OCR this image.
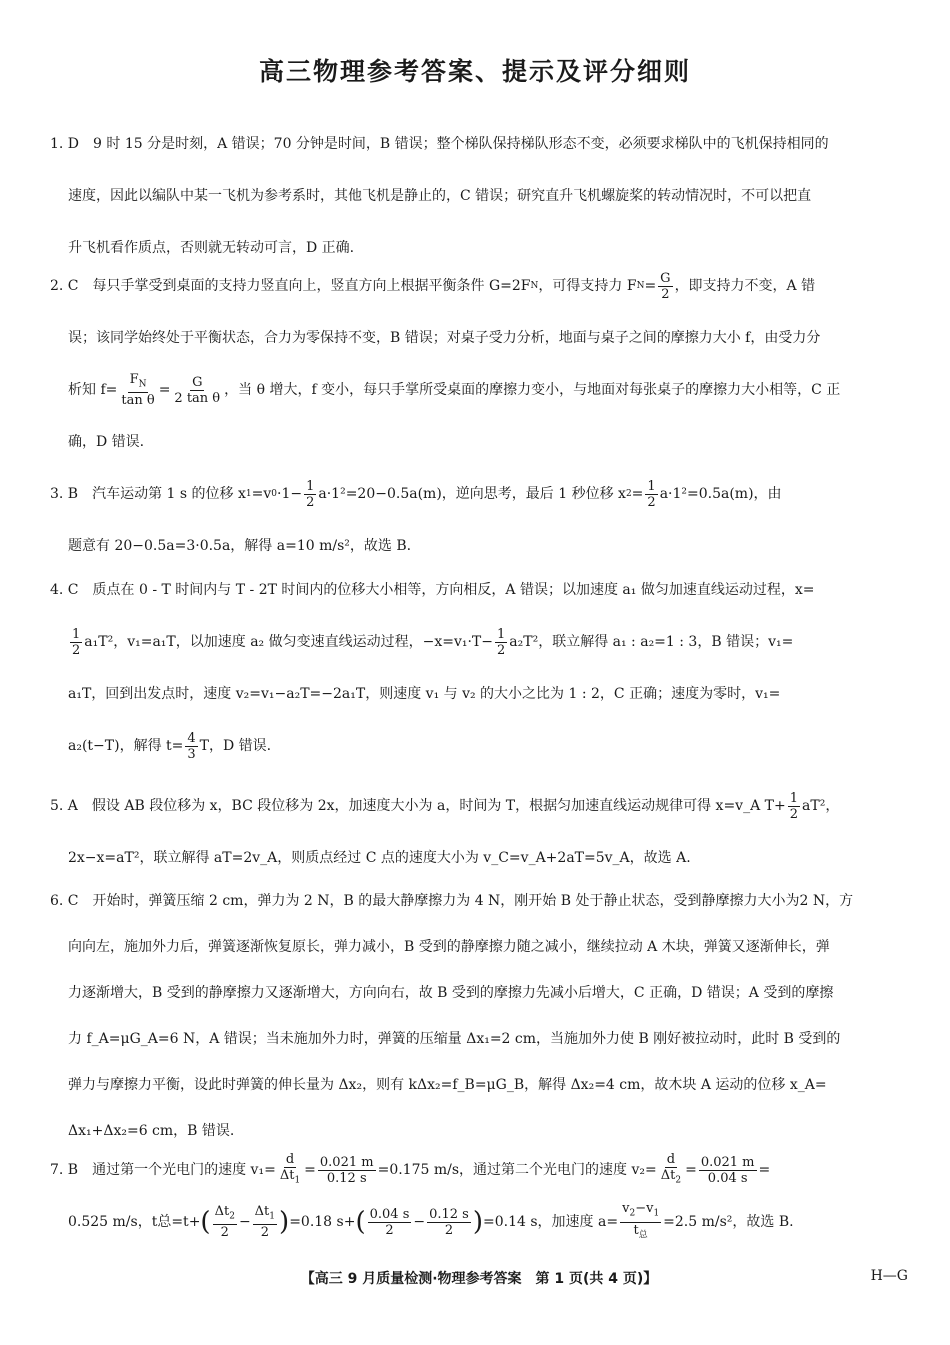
高三物理参考答案、提示及评分细则
1. D　9 时 15 分是时刻，A 错误；70 分钟是时间，B 错误；整个梯队保持梯队形态不变，必须要求梯队中的飞机保持相同的
速度，因此以编队中某一飞机为参考系时，其他飞机是静止的，C 错误；研究直升飞机螺旋桨的转动情况时，不可以把直
升飞机看作质点，否则就无转动可言，D 正确.
2. C　每只手掌受到桌面的支持力竖直向上，竖直方向上根据平衡条件 G=2F N ，可得支持力 F $N = \frac{G}{2}$ ，即支持力不变，A 错
误；该同学始终处于平衡状态，合力为零保持不变，B 错误；对桌子受力分析，地面与桌子之间的摩擦力大小 f，由受力分
析知 $f= \frac{F_N}{\text{tan θ}} = \frac{G}{\text{2 tan θ}}$ ，当 θ 增大，f 变小，每只手掌所受桌面的摩擦力变小，与地面对每张桌子的摩擦力大小相等，C 正
确，D 错误.
3. B　汽车运动第 1 s 的位移 x 1 =v $0 \cdot 1- \frac{1}{2} a\cdot 1^2=20-0.5a(m)$，逆向思考，最后 1 秒位移 x $2 = \frac{1}{2} a\cdot 1^2=0.5a(m)$，由
题意有 20−0.5a=3·0.5a，解得 a=10 m/s²，故选 B.
4. C　质点在 0 - T 时间内与 T - 2T 时间内的位移大小相等，方向相反，A 错误；以加速度 a₁ 做匀加速直线运动过程，x=
$\frac{1}{2} a_1T^2$，v₁=a₁T，以加速度 a₂ 做匀变速直线运动过程，$-x=v_1\cdot T- \frac{1}{2} a_2T^2$，联立解得 a₁ : a₂=1 : 3，B 错误；v₁=
a₁T，回到出发点时，速度 v₂=v₁−a₂T=−2a₁T，则速度 v₁ 与 v₂ 的大小之比为 1 : 2，C 正确；速度为零时，v₁=
a₂(t−T)，解得 $t= \frac{4}{3}$ T，D 错误.
5. A　假设 AB 段位移为 x，BC 段位移为 2x，加速度大小为 a，时间为 T，根据匀加速直线运动规律可得 x=v_A $T+ \frac{1}{2} aT^2$，
2x−x=aT²，联立解得 aT=2v_A，则质点经过 C 点的速度大小为 v_C=v_A+2aT=5v_A，故选 A.
6. C　开始时，弹簧压缩 2 cm，弹力为 2 N，B 的最大静摩擦力为 4 N，刚开始 B 处于静止状态，受到静摩擦力大小为2 N，方
向向左，施加外力后，弹簧逐渐恢复原长，弹力减小，B 受到的静摩擦力随之减小，继续拉动 A 木块，弹簧又逐渐伸长，弹
力逐渐增大，B 受到的静摩擦力又逐渐增大，方向向右，故 B 受到的摩擦力先减小后增大，C 正确，D 错误；A 受到的摩擦
力 f_A=μG_A=6 N，A 错误；当未施加外力时，弹簧的压缩量 Δx₁=2 cm，当施加外力使 B 刚好被拉动时，此时 B 受到的
弹力与摩擦力平衡，设此时弹簧的伸长量为 Δx₂，则有 kΔx₂=f_B=μG_B，解得 Δx₂=4 cm，故木块 A 运动的位移 x_A=
Δx₁+Δx₂=6 cm，B 错误.
7. B　通过第一个光电门的速度 $v_1= \frac{d}{\Delta t_1} = \frac{0.021 m}{0.12 s} =0.175$ m/s，通过第二个光电门的速度 $v_2= \frac{d}{\Delta t_2} = \frac{0.021 m}{0.04 s}$ =
0.525 m/s，t总=t+ ( $\frac{\Delta t_2}{2} - \frac{\Delta t_1}{2}$ ) =0.18 s+ ( $\frac{0.04 s}{2} - \frac{0.12 s}{2}$ ) =0.14 s，加速度 $a= \frac{v_2-v_1}{t_总} =2.5$ m/s²，故选 B.
【高三 9 月质量检测·物理参考答案　第 1 页(共 4 页)】	H—G
